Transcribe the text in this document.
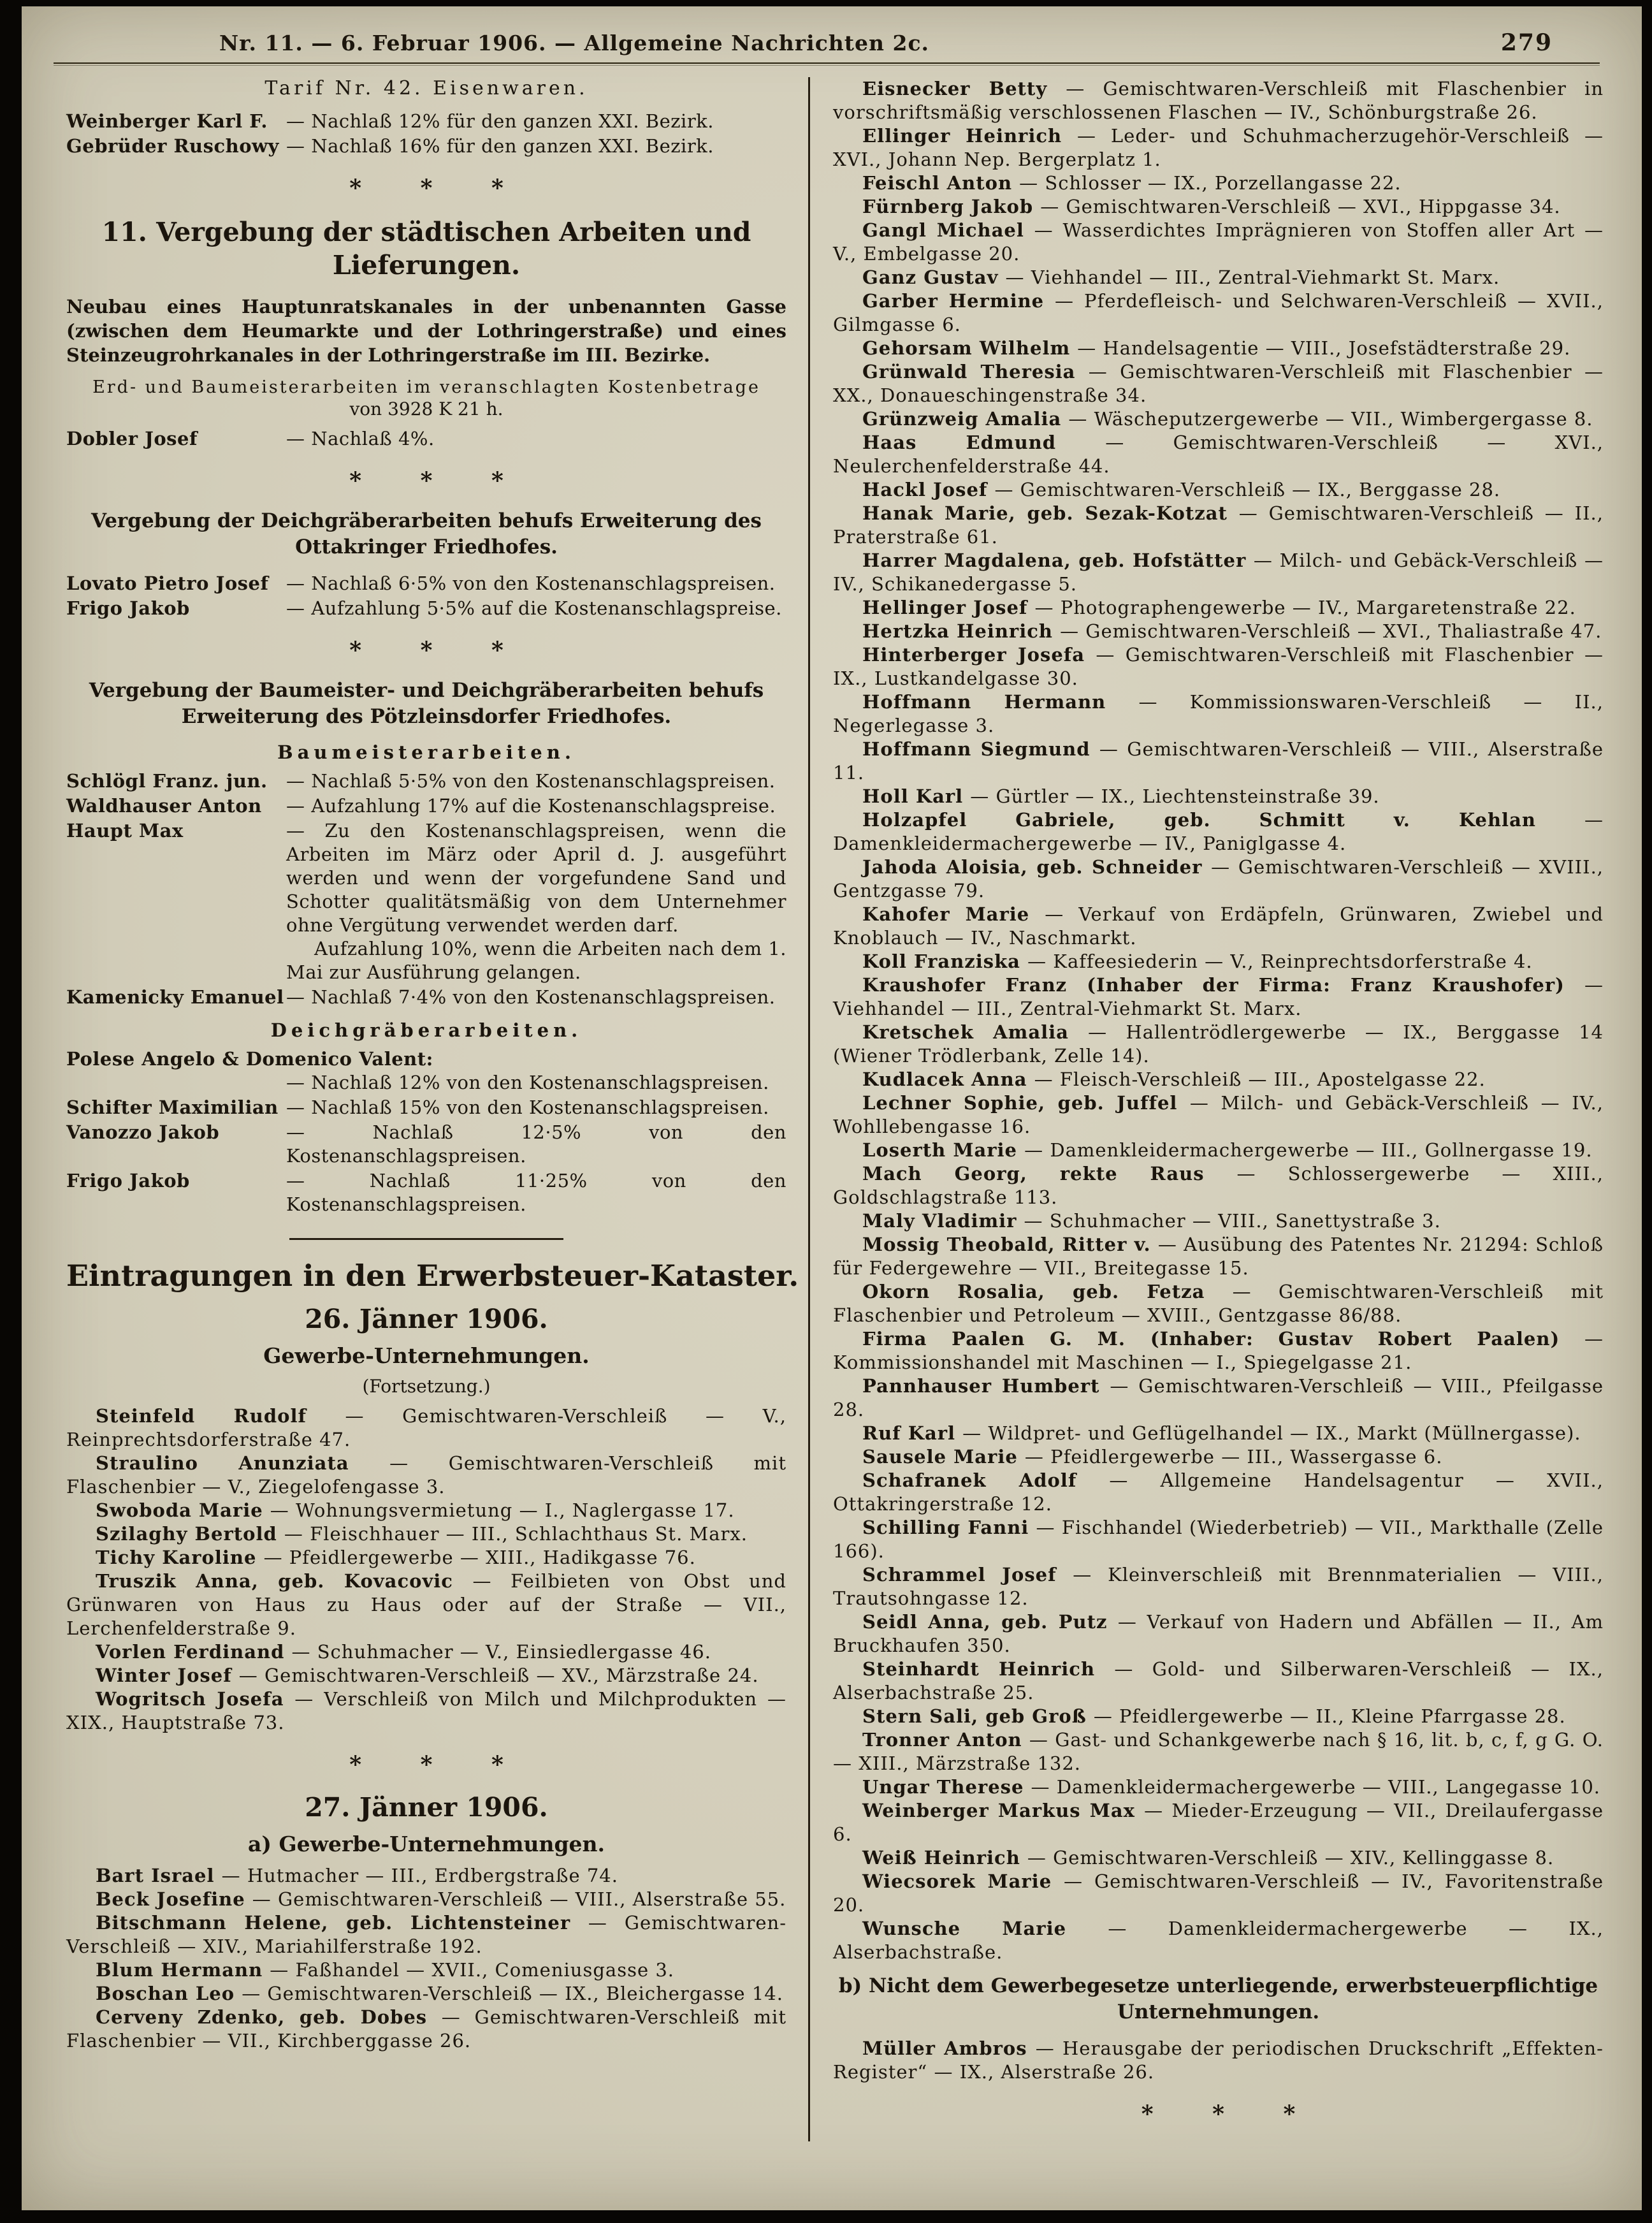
Nr. 11. — 6. Februar 1906. — Allgemeine Nachrichten 2c.	279
Tarif Nr. 42. Eisenwaren.
Weinberger Karl F. — Nachlaß 12% für den ganzen XXI. Bezirk.
Gebrüder Ruschowy — Nachlaß 16% für den ganzen XXI. Bezirk.
* * *
11. Vergebung der städtischen Arbeiten und Lieferungen.
Neubau eines Hauptunratskanales in der unbenannten Gasse (zwischen dem Heumarkte und der Lothringerstraße) und eines Steinzeugrohrkanales in der Lothringerstraße im III. Bezirke.
Erd- und Baumeisterarbeiten im veranschlagten Kostenbetrage
von 3928 K 21 h.
Dobler Josef	— Nachlaß 4%.
* * *
Vergebung der Deichgräberarbeiten behufs Erweiterung des Ottakringer Friedhofes.
Lovato Pietro Josef — Nachlaß 6·5% von den Kostenanschlagspreisen.
Frigo Jakob	— Aufzahlung 5·5% auf die Kostenanschlagspreise.
* * *
Vergebung der Baumeister- und Deichgräberarbeiten behufs Erweiterung des Pötzleinsdorfer Friedhofes.
Baumeisterarbeiten.
Schlögl Franz. jun.	— Nachlaß 5·5% von den Kostenanschlagspreisen.
Waldhauser Anton	— Aufzahlung 17% auf die Kostenanschlagspreise.
Haupt Max	— Zu den Kostenanschlagspreisen, wenn die Arbeiten im März oder April d. J. ausgeführt werden und wenn der vorgefundene Sand und Schotter qualitätsmäßig von dem Unternehmer ohne Vergütung verwendet werden darf.
Aufzahlung 10%, wenn die Arbeiten nach dem 1. Mai zur Ausführung gelangen.
Kamenicky Emanuel — Nachlaß 7·4% von den Kostenanschlagspreisen.
Deichgräberarbeiten.
Polese Angelo & Domenico Valent:
— Nachlaß 12% von den Kostenanschlagspreisen.
Schifter Maximilian — Nachlaß 15% von den Kostenanschlagspreisen.
Vanozzo Jakob	— Nachlaß 12·5% von den Kostenanschlagspreisen.
Frigo Jakob	— Nachlaß 11·25% von den Kostenanschlagspreisen.
Eintragungen in den Erwerbsteuer-Kataster.
26. Jänner 1906.
Gewerbe-Unternehmungen.
(Fortsetzung.)
Steinfeld Rudolf — Gemischtwaren-Verschleiß — V., Reinprechtsdorferstraße 47.
Straulino Anunziata — Gemischtwaren-Verschleiß mit Flaschenbier — V., Ziegelofengasse 3.
Swoboda Marie — Wohnungsvermietung — I., Naglergasse 17.
Szilaghy Bertold — Fleischhauer — III., Schlachthaus St. Marx.
Tichy Karoline — Pfeidlergewerbe — XIII., Hadikgasse 76.
Truszik Anna, geb. Kovacovic — Feilbieten von Obst und Grünwaren von Haus zu Haus oder auf der Straße — VII., Lerchenfelderstraße 9.
Vorlen Ferdinand — Schuhmacher — V., Einsiedlergasse 46.
Winter Josef — Gemischtwaren-Verschleiß — XV., Märzstraße 24.
Wogritsch Josefa — Verschleiß von Milch und Milchprodukten — XIX., Hauptstraße 73.
* * *
27. Jänner 1906.
a) Gewerbe-Unternehmungen.
Bart Israel — Hutmacher — III., Erdbergstraße 74.
Beck Josefine — Gemischtwaren-Verschleiß — VIII., Alserstraße 55.
Bitschmann Helene, geb. Lichtensteiner — Gemischtwaren-Verschleiß — XIV., Mariahilferstraße 192.
Blum Hermann — Faßhandel — XVII., Comeniusgasse 3.
Boschan Leo — Gemischtwaren-Verschleiß — IX., Bleichergasse 14.
Cerveny Zdenko, geb. Dobes — Gemischtwaren-Verschleiß mit Flaschenbier — VII., Kirchberggasse 26.
Eisnecker Betty — Gemischtwaren-Verschleiß mit Flaschenbier in vorschriftsmäßig verschlossenen Flaschen — IV., Schönburgstraße 26.
Ellinger Heinrich — Leder- und Schuhmacherzugehör-Verschleiß — XVI., Johann Nep. Bergerplatz 1.
Feischl Anton — Schlosser — IX., Porzellangasse 22.
Fürnberg Jakob — Gemischtwaren-Verschleiß — XVI., Hippgasse 34.
Gangl Michael — Wasserdichtes Imprägnieren von Stoffen aller Art — V., Embelgasse 20.
Ganz Gustav — Viehhandel — III., Zentral-Viehmarkt St. Marx.
Garber Hermine — Pferdefleisch- und Selchwaren-Verschleiß — XVII., Gilmgasse 6.
Gehorsam Wilhelm — Handelsagentie — VIII., Josefstädterstraße 29.
Grünwald Theresia — Gemischtwaren-Verschleiß mit Flaschenbier — XX., Donaueschingenstraße 34.
Grünzweig Amalia — Wäscheputzergewerbe — VII., Wimbergergasse 8.
Haas Edmund — Gemischtwaren-Verschleiß — XVI., Neulerchenfelderstraße 44.
Hackl Josef — Gemischtwaren-Verschleiß — IX., Berggasse 28.
Hanak Marie, geb. Sezak-Kotzat — Gemischtwaren-Verschleiß — II., Praterstraße 61.
Harrer Magdalena, geb. Hofstätter — Milch- und Gebäck-Verschleiß — IV., Schikanedergasse 5.
Hellinger Josef — Photographengewerbe — IV., Margaretenstraße 22.
Hertzka Heinrich — Gemischtwaren-Verschleiß — XVI., Thaliastraße 47.
Hinterberger Josefa — Gemischtwaren-Verschleiß mit Flaschenbier — IX., Lustkandelgasse 30.
Hoffmann Hermann — Kommissionswaren-Verschleiß — II., Negerlegasse 3.
Hoffmann Siegmund — Gemischtwaren-Verschleiß — VIII., Alserstraße 11.
Holl Karl — Gürtler — IX., Liechtensteinstraße 39.
Holzapfel Gabriele, geb. Schmitt v. Kehlan — Damenkleidermachergewerbe — IV., Paniglgasse 4.
Jahoda Aloisia, geb. Schneider — Gemischtwaren-Verschleiß — XVIII., Gentzgasse 79.
Kahofer Marie — Verkauf von Erdäpfeln, Grünwaren, Zwiebel und Knoblauch — IV., Naschmarkt.
Koll Franziska — Kaffeesiederin — V., Reinprechtsdorferstraße 4.
Kraushofer Franz (Inhaber der Firma: Franz Kraushofer) — Viehhandel — III., Zentral-Viehmarkt St. Marx.
Kretschek Amalia — Hallentrödlergewerbe — IX., Berggasse 14 (Wiener Trödlerbank, Zelle 14).
Kudlacek Anna — Fleisch-Verschleiß — III., Apostelgasse 22.
Lechner Sophie, geb. Juffel — Milch- und Gebäck-Verschleiß — IV., Wohllebengasse 16.
Loserth Marie — Damenkleidermachergewerbe — III., Gollnergasse 19.
Mach Georg, rekte Raus — Schlossergewerbe — XIII., Goldschlagstraße 113.
Maly Vladimir — Schuhmacher — VIII., Sanettystraße 3.
Mossig Theobald, Ritter v. — Ausübung des Patentes Nr. 21294: Schloß für Federgewehre — VII., Breitegasse 15.
Okorn Rosalia, geb. Fetza — Gemischtwaren-Verschleiß mit Flaschenbier und Petroleum — XVIII., Gentzgasse 86/88.
Firma Paalen G. M. (Inhaber: Gustav Robert Paalen) — Kommissionshandel mit Maschinen — I., Spiegelgasse 21.
Pannhauser Humbert — Gemischtwaren-Verschleiß — VIII., Pfeilgasse 28.
Ruf Karl — Wildpret- und Geflügelhandel — IX., Markt (Müllnergasse).
Sausele Marie — Pfeidlergewerbe — III., Wassergasse 6.
Schafranek Adolf — Allgemeine Handelsagentur — XVII., Ottakringerstraße 12.
Schilling Fanni — Fischhandel (Wiederbetrieb) — VII., Markthalle (Zelle 166).
Schrammel Josef — Kleinverschleiß mit Brennmaterialien — VIII., Trautsohngasse 12.
Seidl Anna, geb. Putz — Verkauf von Hadern und Abfällen — II., Am Bruckhaufen 350.
Steinhardt Heinrich — Gold- und Silberwaren-Verschleiß — IX., Alserbachstraße 25.
Stern Sali, geb Groß — Pfeidlergewerbe — II., Kleine Pfarrgasse 28.
Tronner Anton — Gast- und Schankgewerbe nach § 16, lit. b, c, f, g G. O. — XIII., Märzstraße 132.
Ungar Therese — Damenkleidermachergewerbe — VIII., Langegasse 10.
Weinberger Markus Max — Mieder-Erzeugung — VII., Dreilaufergasse 6.
Weiß Heinrich — Gemischtwaren-Verschleiß — XIV., Kellinggasse 8.
Wiecsorek Marie — Gemischtwaren-Verschleiß — IV., Favoritenstraße 20.
Wunsche Marie — Damenkleidermachergewerbe — IX., Alserbachstraße.
b) Nicht dem Gewerbegesetze unterliegende, erwerbsteuerpflichtige Unternehmungen.
Müller Ambros — Herausgabe der periodischen Druckschrift „Effekten-Register“ — IX., Alserstraße 26.
* * *
